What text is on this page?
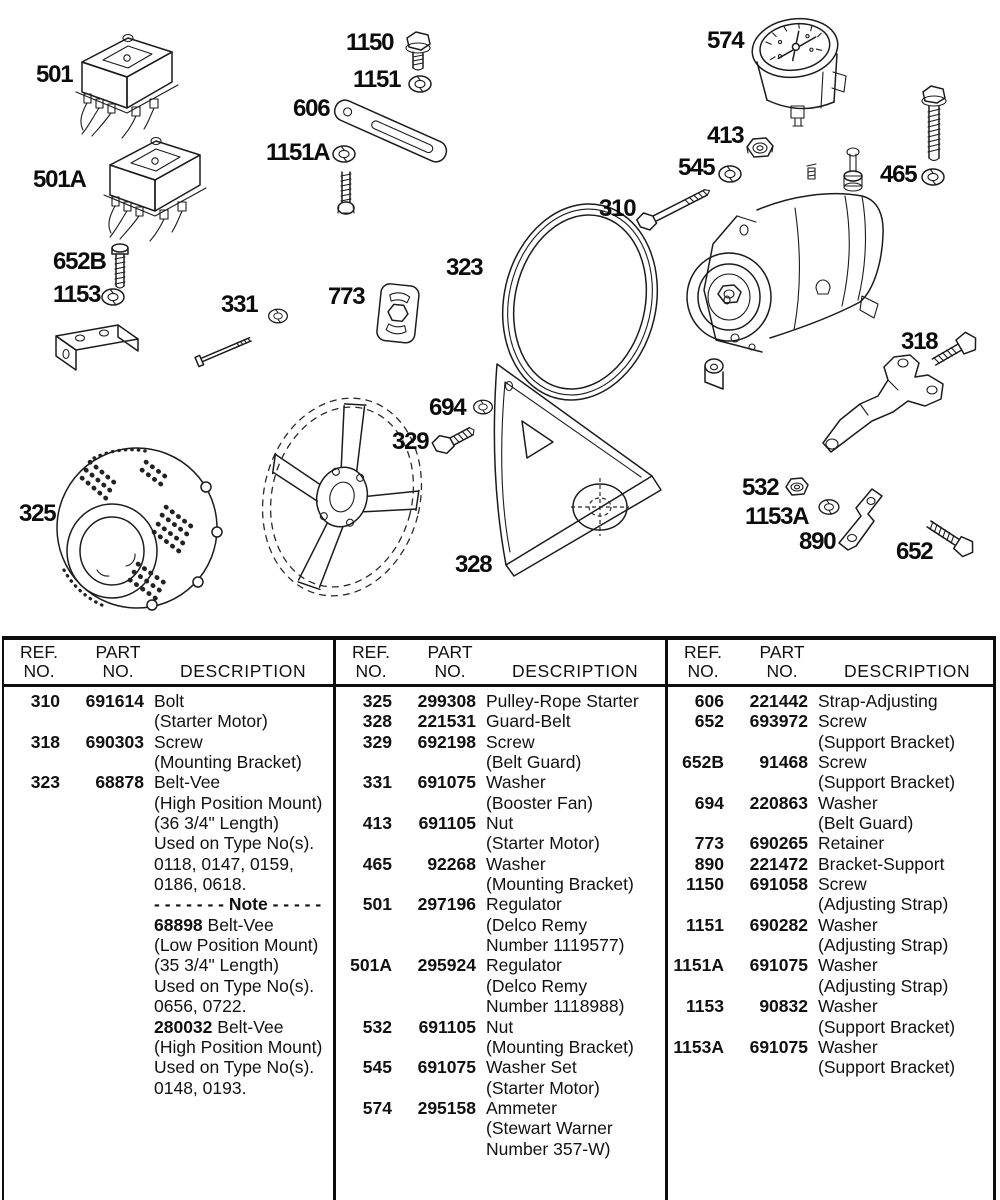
501
501A
1150
1151
606
1151A
574
413
545
310
465
652B
1153	331	773
323
694
329
325
328
318
532
1153A
890	652
REF.
NO.
PART
NO.	DESCRIPTION
310	691614 Bolt
(Starter Motor)
318	690303 Screw
(Mounting Bracket)
323	68878 Belt-Vee
(High Position Mount)
(36 3/4" Length)
Used on Type No(s).
0118, 0147, 0159,
0186, 0618.
- - - - - - - Note - - - - -
68898 Belt-Vee
(Low Position Mount)
(35 3/4" Length)
Used on Type No(s).
0656, 0722.
280032 Belt-Vee
(High Position Mount)
Used on Type No(s).
0148, 0193.
REF.
NO.
PART
NO.	DESCRIPTION
325	299308 Pulley-Rope Starter
328	221531 Guard-Belt
329	692198 Screw
(Belt Guard)
331	691075 Washer
(Booster Fan)
413	691105 Nut
(Starter Motor)
465	92268 Washer
(Mounting Bracket)
501	297196 Regulator
(Delco Remy
Number 1119577)
501A	295924 Regulator
(Delco Remy
Number 1118988)
532	691105 Nut
(Mounting Bracket)
545	691075 Washer Set
(Starter Motor)
574	295158 Ammeter
(Stewart Warner
Number 357-W)
REF.
NO.
PART
NO.	DESCRIPTION
606	221442 Strap-Adjusting
652	693972 Screw
(Support Bracket)
652B	91468 Screw
(Support Bracket)
694	220863 Washer
(Belt Guard)
773	690265 Retainer
890	221472 Bracket-Support
1150	691058 Screw
(Adjusting Strap)
1151	690282 Washer
(Adjusting Strap)
1151A	691075 Washer
(Adjusting Strap)
1153	90832 Washer
(Support Bracket)
1153A	691075 Washer
(Support Bracket)
